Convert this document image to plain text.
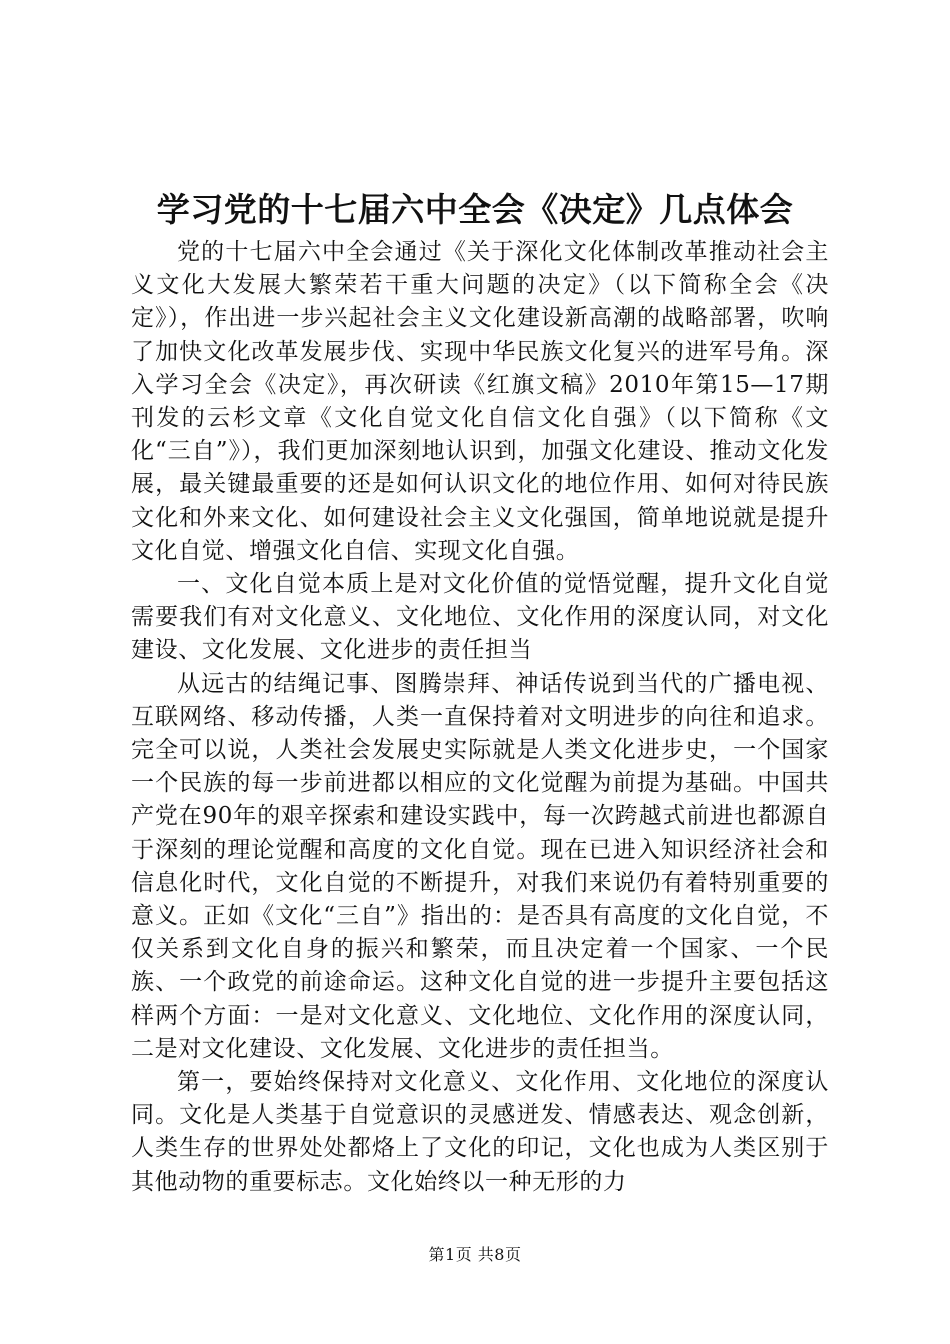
学习党的十七届六中全会《决定》几点体会

党的十七届六中全会通过《关于深化文化体制改革推动社会主义文化大发展大繁荣若干重大问题的决定》（以下简称全会《决定》），作出进一步兴起社会主义文化建设新高潮的战略部署，吹响了加快文化改革发展步伐、实现中华民族文化复兴的进军号角。深入学习全会《决定》，再次研读《红旗文稿》2010年第15—17期刊发的云杉文章《文化自觉文化自信文化自强》（以下简称《文化“三自”》），我们更加深刻地认识到，加强文化建设、推动文化发展，最关键最重要的还是如何认识文化的地位作用、如何对待民族文化和外来文化、如何建设社会主义文化强国，简单地说就是提升文化自觉、增强文化自信、实现文化自强。

一、文化自觉本质上是对文化价值的觉悟觉醒，提升文化自觉需要我们有对文化意义、文化地位、文化作用的深度认同，对文化建设、文化发展、文化进步的责任担当

从远古的结绳记事、图腾崇拜、神话传说到当代的广播电视、互联网络、移动传播，人类一直保持着对文明进步的向往和追求。完全可以说，人类社会发展史实际就是人类文化进步史，一个国家一个民族的每一步前进都以相应的文化觉醒为前提为基础。中国共产党在90年的艰辛探索和建设实践中，每一次跨越式前进也都源自于深刻的理论觉醒和高度的文化自觉。现在已进入知识经济社会和信息化时代，文化自觉的不断提升，对我们来说仍有着特别重要的意义。正如《文化“三自”》指出的：是否具有高度的文化自觉，不仅关系到文化自身的振兴和繁荣，而且决定着一个国家、一个民族、一个政党的前途命运。这种文化自觉的进一步提升主要包括这样两个方面：一是对文化意义、文化地位、文化作用的深度认同，二是对文化建设、文化发展、文化进步的责任担当。

第一，要始终保持对文化意义、文化作用、文化地位的深度认同。文化是人类基于自觉意识的灵感迸发、情感表达、观念创新，人类生存的世界处处都烙上了文化的印记，文化也成为人类区别于其他动物的重要标志。文化始终以一种无形的力

第1页 共8页
